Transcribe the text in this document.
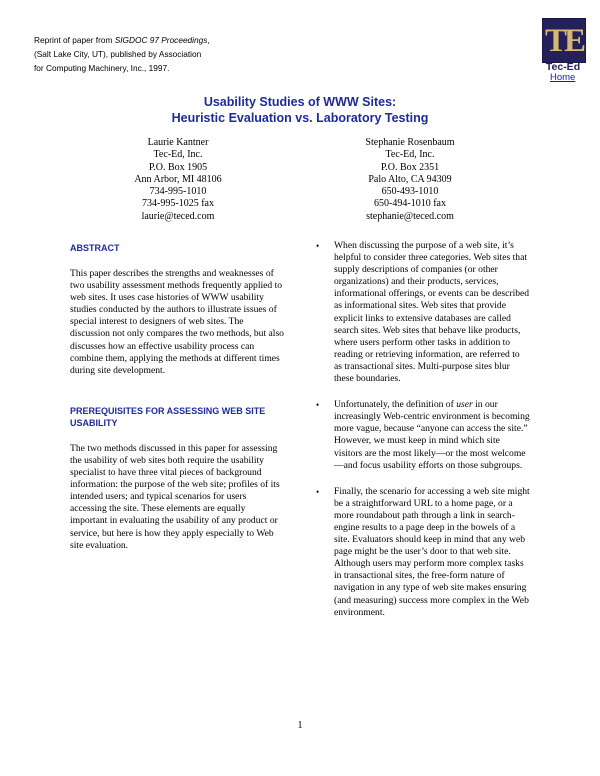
Reprint of paper from SIGDOC 97 Proceedings,
(Salt Lake City, UT), published by Association
for Computing Machinery, Inc., 1997.
TE
Tec-Ed
Home
Usability Studies of WWW Sites:
Heuristic Evaluation vs. Laboratory Testing
Laurie Kantner
Tec-Ed, Inc.
P.O. Box 1905
Ann Arbor, MI 48106
734-995-1010
734-995-1025 fax
laurie@teced.com
Stephanie Rosenbaum
Tec-Ed, Inc.
P.O. Box 2351
Palo Alto, CA 94309
650-493-1010
650-494-1010 fax
stephanie@teced.com
ABSTRACT

This paper describes the strengths and weaknesses of two usability assessment methods frequently applied to web sites. It uses case histories of WWW usability studies conducted by the authors to illustrate issues of special interest to designers of web sites. The discussion not only compares the two methods, but also discusses how an effective usability process can combine them, applying the methods at different times during site development.

PREREQUISITES FOR ASSESSING WEB SITE USABILITY

The two methods discussed in this paper for assessing the usability of web sites both require the usability specialist to have three vital pieces of background information: the purpose of the web site; profiles of its intended users; and typical scenarios for users accessing the site. These elements are equally important in evaluating the usability of any product or service, but here is how they apply especially to Web site evaluation.

• When discussing the purpose of a web site, it’s helpful to consider three categories. Web sites that supply descriptions of companies (or other organizations) and their products, services, informational offerings, or events can be described as informational sites. Web sites that provide explicit links to extensive databases are called search sites. Web sites that behave like products, where users perform other tasks in addition to reading or retrieving information, are referred to as transactional sites. Multi-purpose sites blur these boundaries.
• Unfortunately, the definition of user in our increasingly Web-centric environment is becoming more vague, because “anyone can access the site.” However, we must keep in mind which site visitors are the most likely—or the most welcome—and focus usability efforts on those subgroups.
• Finally, the scenario for accessing a web site might be a straightforward URL to a home page, or a more roundabout path through a link in search-engine results to a page deep in the bowels of a site. Evaluators should keep in mind that any web page might be the user’s door to that web site. Although users may perform more complex tasks in transactional sites, the free-form nature of navigation in any type of web site makes ensuring (and measuring) success more complex in the Web environment.
1
